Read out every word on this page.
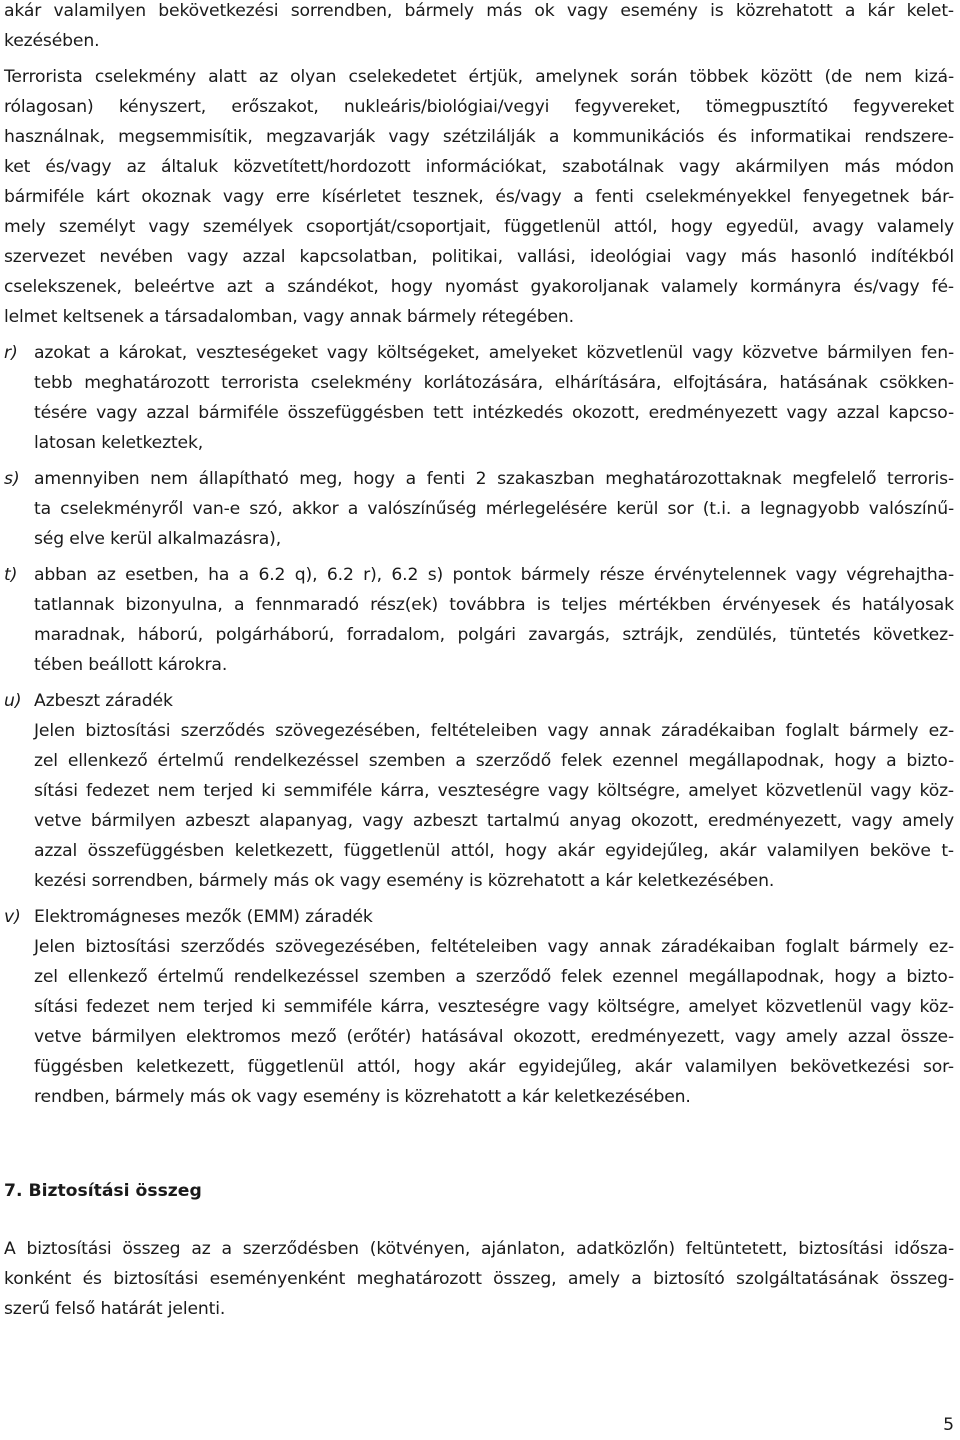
akár valamilyen bekövetkezési sorrendben, bármely más ok vagy esemény is közrehatott a kár kelet-
kezésében.
Terrorista cselekmény alatt az olyan cselekedetet értjük, amelynek során többek között (de nem kizá-
rólagosan) kényszert, erőszakot, nukleáris/biológiai/vegyi fegyvereket, tömegpusztító fegyvereket
használnak, megsemmisítik, megzavarják vagy szétzilálják a kommunikációs és informatikai rendszere-
ket és/vagy az általuk közvetített/hordozott információkat, szabotálnak vagy akármilyen más módon
bármiféle kárt okoznak vagy erre kísérletet tesznek, és/vagy a fenti cselekményekkel fenyegetnek bár-
mely személyt vagy személyek csoportját/csoportjait, függetlenül attól, hogy egyedül, avagy valamely
szervezet nevében vagy azzal kapcsolatban, politikai, vallási, ideológiai vagy más hasonló indítékból
cselekszenek, beleértve azt a szándékot, hogy nyomást gyakoroljanak valamely kormányra és/vagy fé-
lelmet keltsenek a társadalomban, vagy annak bármely rétegében.
r) azokat a károkat, veszteségeket vagy költségeket, amelyeket közvetlenül vagy közvetve bármilyen fen-
tebb meghatározott terrorista cselekmény korlátozására, elhárítására, elfojtására, hatásának csökken-
tésére vagy azzal bármiféle összefüggésben tett intézkedés okozott, eredményezett vagy azzal kapcso-
latosan keletkeztek,
s) amennyiben nem állapítható meg, hogy a fenti 2 szakaszban meghatározottaknak megfelelő terroris-
ta cselekményről van-e szó, akkor a valószínűség mérlegelésére kerül sor (t.i. a legnagyobb valószínű-
ség elve kerül alkalmazásra),
t) abban az esetben, ha a 6.2 q), 6.2 r), 6.2 s) pontok bármely része érvénytelennek vagy végrehajtha-
tatlannak bizonyulna, a fennmaradó rész(ek) továbbra is teljes mértékben érvényesek és hatályosak
maradnak, háború, polgárháború, forradalom, polgári zavargás, sztrájk, zendülés, tüntetés következ-
tében beállott károkra.
u) Azbeszt záradék
Jelen biztosítási szerződés szövegezésében, feltételeiben vagy annak záradékaiban foglalt bármely ez-
zel ellenkező értelmű rendelkezéssel szemben a szerződő felek ezennel megállapodnak, hogy a bizto-
sítási fedezet nem terjed ki semmiféle kárra, veszteségre vagy költségre, amelyet közvetlenül vagy köz-
vetve bármilyen azbeszt alapanyag, vagy azbeszt tartalmú anyag okozott, eredményezett, vagy amely
azzal összefüggésben keletkezett, függetlenül attól, hogy akár egyidejűleg, akár valamilyen beköve t-
kezési sorrendben, bármely más ok vagy esemény is közrehatott a kár keletkezésében.
v) Elektromágneses mezők (EMM) záradék
Jelen biztosítási szerződés szövegezésében, feltételeiben vagy annak záradékaiban foglalt bármely ez-
zel ellenkező értelmű rendelkezéssel szemben a szerződő felek ezennel megállapodnak, hogy a bizto-
sítási fedezet nem terjed ki semmiféle kárra, veszteségre vagy költségre, amelyet közvetlenül vagy köz-
vetve bármilyen elektromos mező (erőtér) hatásával okozott, eredményezett, vagy amely azzal össze-
függésben keletkezett, függetlenül attól, hogy akár egyidejűleg, akár valamilyen bekövetkezési sor-
rendben, bármely más ok vagy esemény is közrehatott a kár keletkezésében.
7. Biztosítási összeg
A biztosítási összeg az a szerződésben (kötvényen, ajánlaton, adatközlőn) feltüntetett, biztosítási idősza-
konként és biztosítási eseményenként meghatározott összeg, amely a biztosító szolgáltatásának összeg-
szerű felső határát jelenti.
5
